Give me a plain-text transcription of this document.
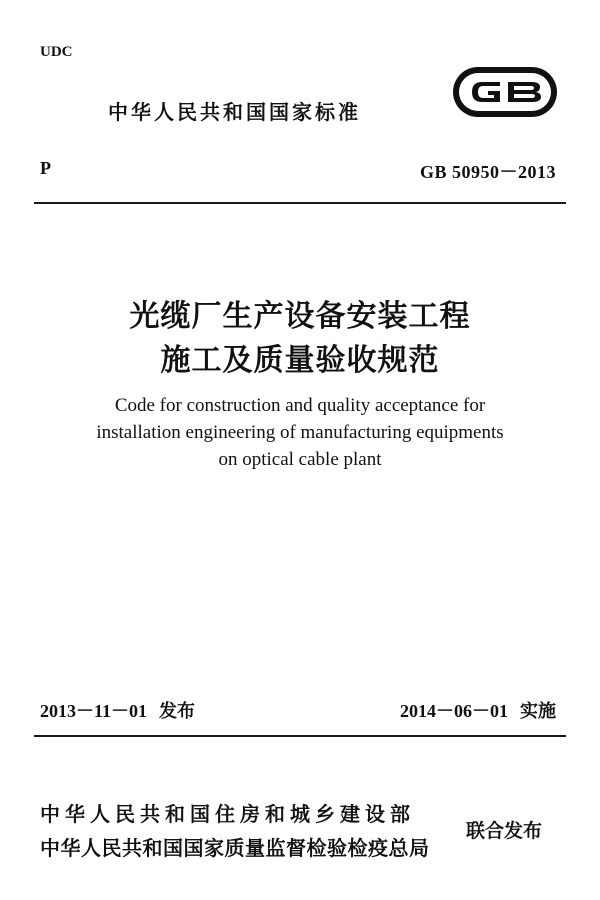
UDC
中华人民共和国国家标准
GB
P	GB 50950－2013
光缆厂生产设备安装工程
施工及质量验收规范
Code for construction and quality acceptance for
installation engineering of manufacturing equipments
on optical cable plant
2013－11－01 发布	2014－06－01 实施
中华人民共和国住房和城乡建设部
中华人民共和国国家质量监督检验检疫总局
联合发布
